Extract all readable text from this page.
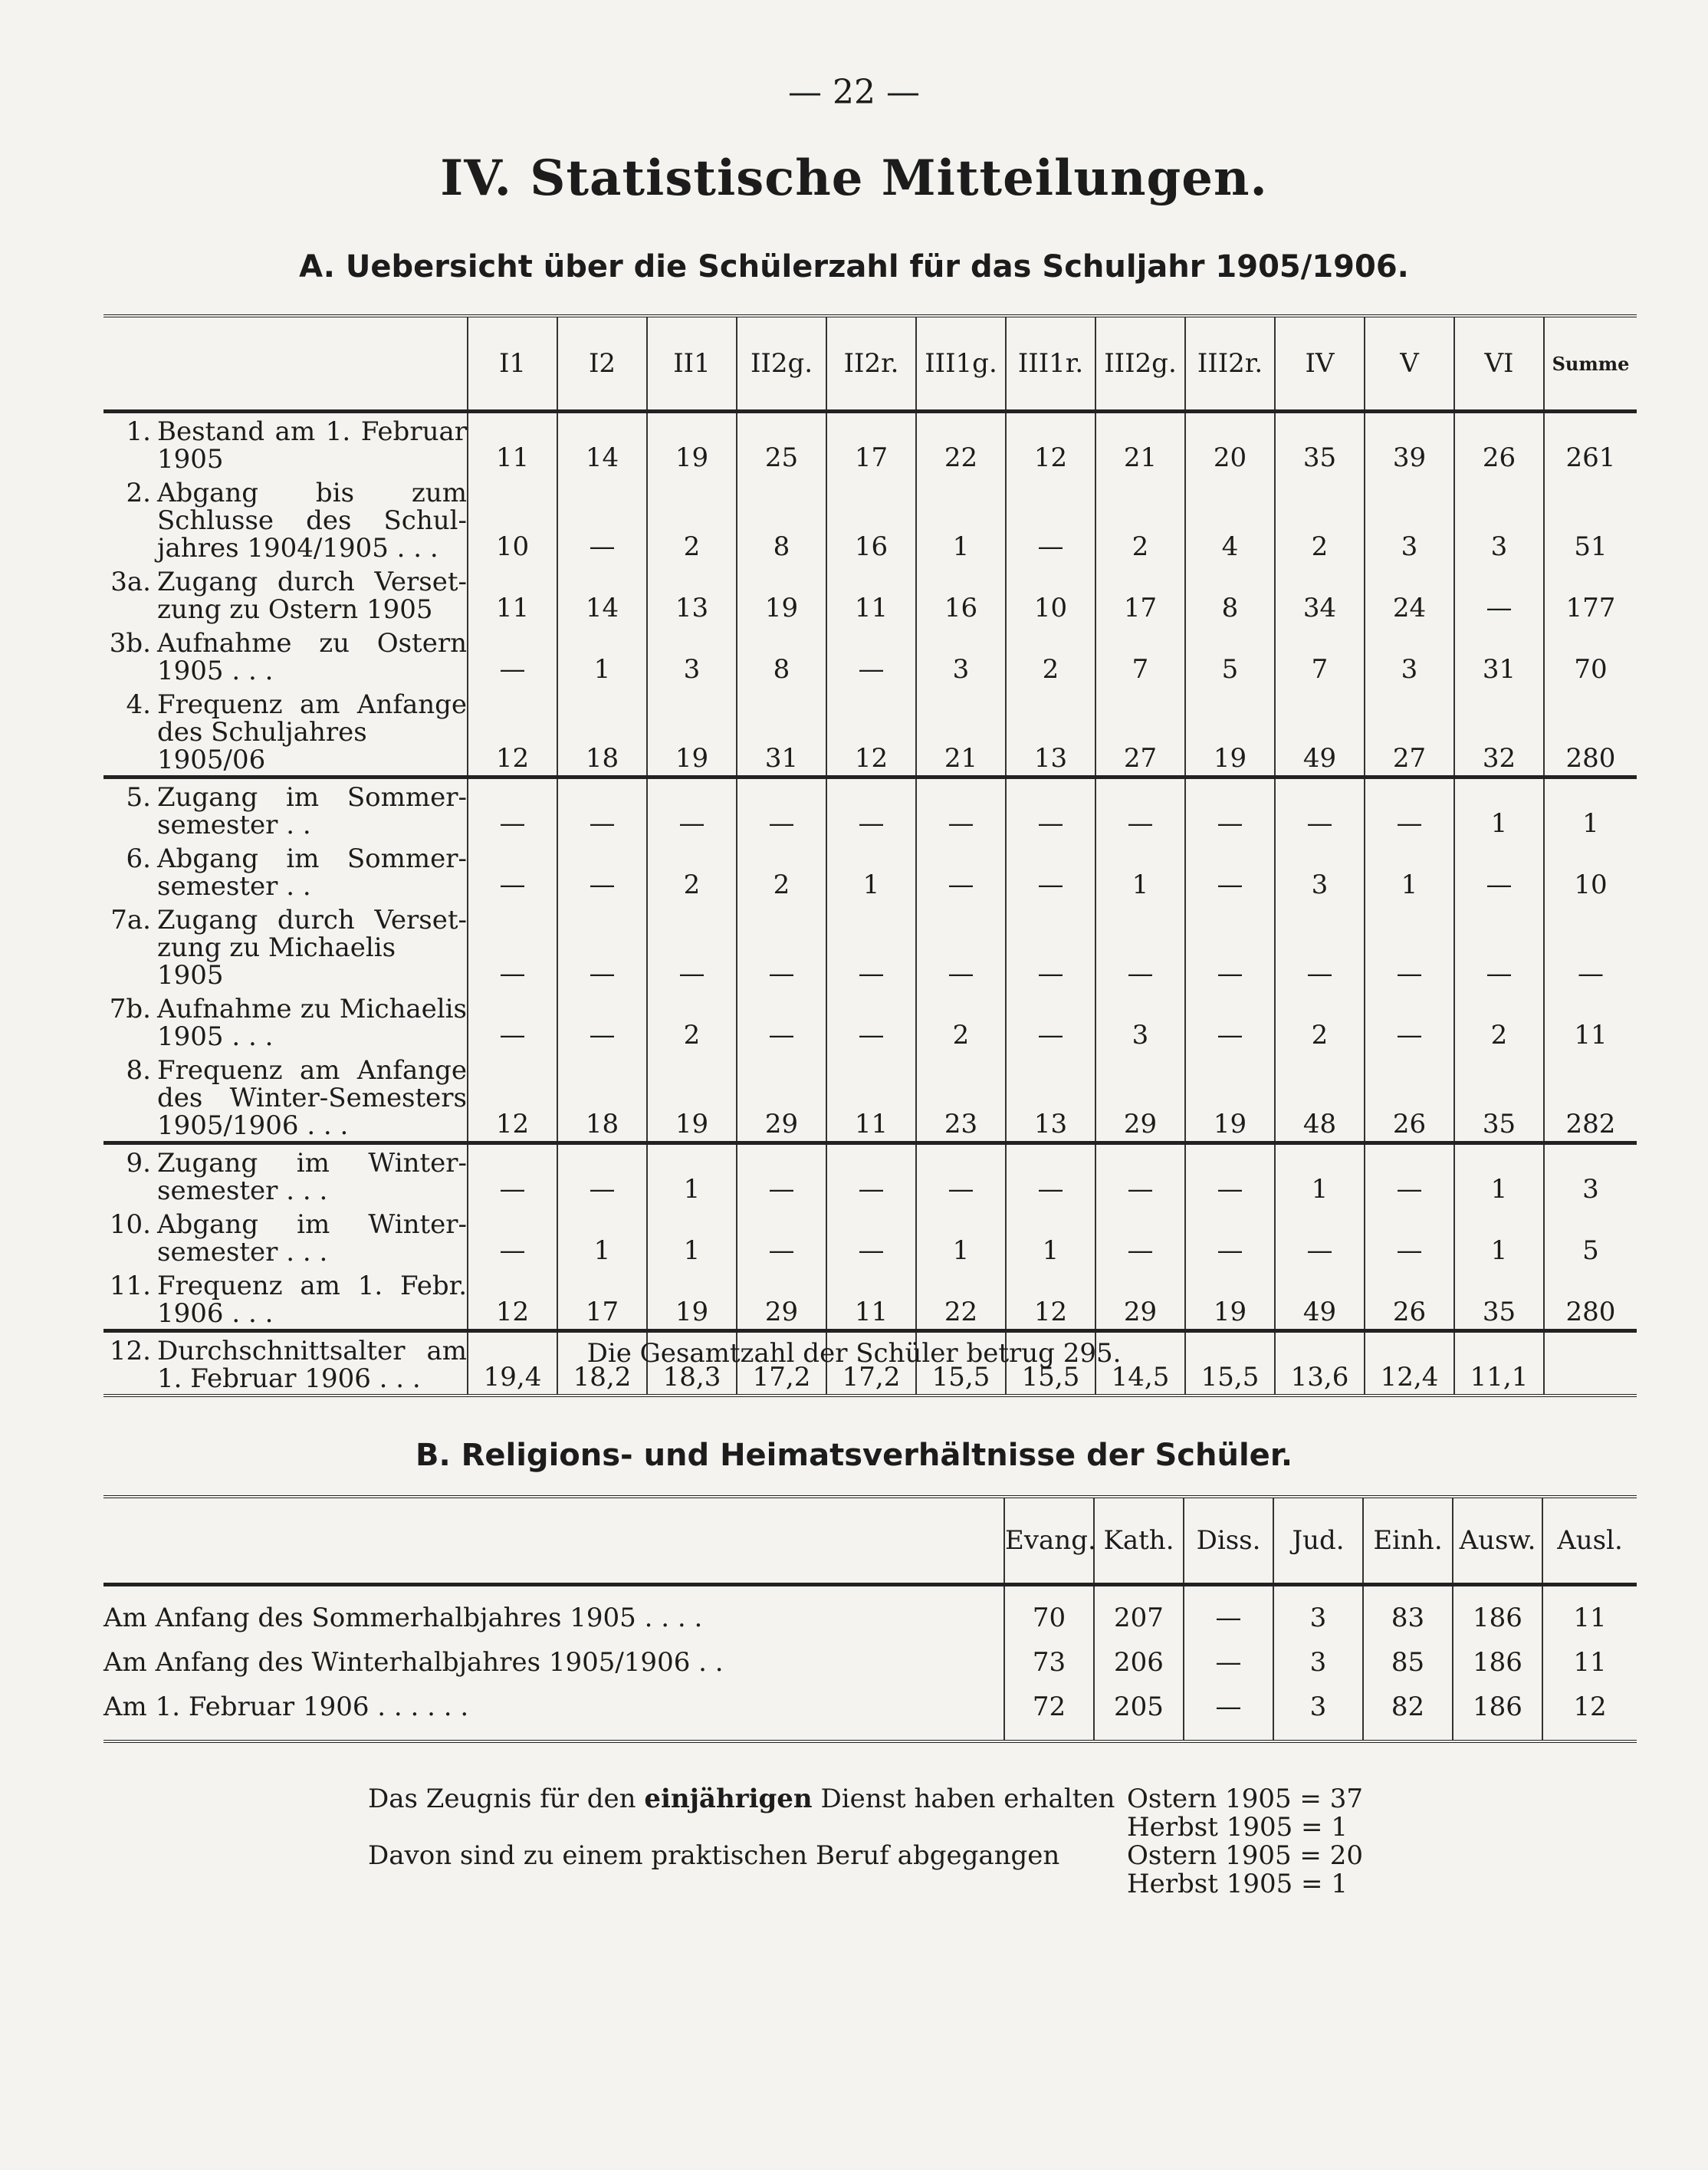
— 22 —
IV. Statistische Mitteilungen.
A. Uebersicht über die Schülerzahl für das Schuljahr 1905/1906.
	I1	I2	II1	II2g.	II2r.	III1g.	III1r.	III2g.	III2r.	IV	V	VI	Summe

1. Bestand am 1. Februar
1905	11	14	19	25	17	22	12	21	20	35	39	26	261

2. Abgang bis zum
Schlusse des Schul-
jahres 1904/1905 . . .	10	—	2	8	16	1	—	2	4	2	3	3	51

3a. Zugang durch Verset-
zung zu Ostern 1905	11	14	13	19	11	16	10	17	8	34	24	—	177

3b. Aufnahme zu Ostern
1905 . . .	—	1	3	8	—	3	2	7	5	7	3	31	70

4. Frequenz am Anfange
des Schuljahres 1905/06	12	18	19	31	12	21	13	27	19	49	27	32	280

5. Zugang im Sommer-
semester . .	—	—	—	—	—	—	—	—	—	—	—	1	1

6. Abgang im Sommer-
semester . .	—	—	2	2	1	—	—	1	—	3	1	—	10

7a. Zugang durch Verset-
zung zu Michaelis 1905	—	—	—	—	—	—	—	—	—	—	—	—	—

7b. Aufnahme zu Michaelis
1905 . . .	—	—	2	—	—	2	—	3	—	2	—	2	11

8. Frequenz am Anfange
des Winter-Semesters
1905/1906 . . .	12	18	19	29	11	23	13	29	19	48	26	35	282

9. Zugang im Winter-
semester . . .	—	—	1	—	—	—	—	—	—	1	—	1	3

10. Abgang im Winter-
semester . . .	—	1	1	—	—	1	1	—	—	—	—	1	5

11. Frequenz am 1. Febr.
1906 . . .	12	17	19	29	11	22	12	29	19	49	26	35	280

12. Durchschnittsalter am
1. Februar 1906 . . .	19,4	18,2	18,3	17,2	17,2	15,5	15,5	14,5	15,5	13,6	12,4	11,1	
Die Gesamtzahl der Schüler betrug 295.
B. Religions- und Heimatsverhältnisse der Schüler.
	Evang.	Kath.	Diss.	Jud.	Einh.	Ausw.	Ausl.
Am Anfang des Sommerhalbjahres 1905 . . . .	70	207	—	3	83	186	11
Am Anfang des Winterhalbjahres 1905/1906 . .	73	206	—	3	85	186	11
Am 1. Februar 1906 . . . . . .	72	205	—	3	82	186	12
Das Zeugnis für den einjährigen Dienst haben erhalten Ostern 1905 = 37
Herbst 1905 = 1
Davon sind zu einem praktischen Beruf abgegangen	Ostern 1905 = 20
Herbst 1905 = 1
